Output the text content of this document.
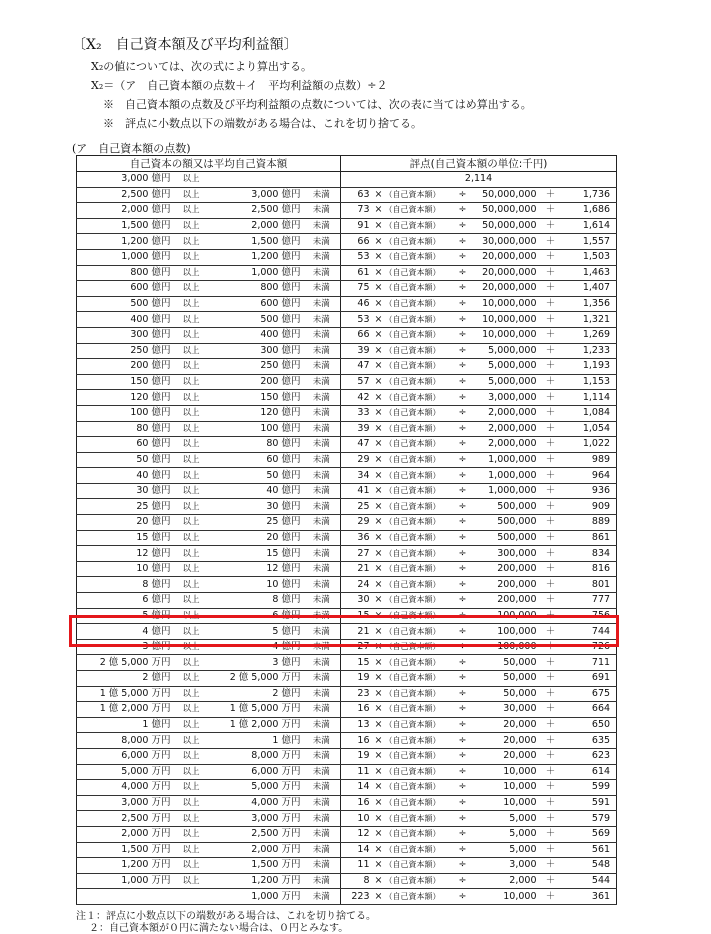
〔X₂　自己資本額及び平均利益額〕
X₂の値については、次の式により算出する。
X₂＝（ア　自己資本額の点数＋イ　平均利益額の点数）÷２
※　自己資本額の点数及び平均利益額の点数については、次の表に当てはめ算出する。
※　評点に小数点以下の端数がある場合は、これを切り捨てる。
(ア　自己資本額の点数)
自己資本の額又は平均自己資本額				評点(自己資本額の単位:千円)						
3,000 億円	以上			2,114						
2,500 億円	以上	3,000 億円	未満	63	×	（自己資本額）	÷	50,000,000	＋	1,736
2,000 億円	以上	2,500 億円	未満	73	×	（自己資本額）	÷	50,000,000	＋	1,686
1,500 億円	以上	2,000 億円	未満	91	×	（自己資本額）	÷	50,000,000	＋	1,614
1,200 億円	以上	1,500 億円	未満	66	×	（自己資本額）	÷	30,000,000	＋	1,557
1,000 億円	以上	1,200 億円	未満	53	×	（自己資本額）	÷	20,000,000	＋	1,503
800 億円	以上	1,000 億円	未満	61	×	（自己資本額）	÷	20,000,000	＋	1,463
600 億円	以上	800 億円	未満	75	×	（自己資本額）	÷	20,000,000	＋	1,407
500 億円	以上	600 億円	未満	46	×	（自己資本額）	÷	10,000,000	＋	1,356
400 億円	以上	500 億円	未満	53	×	（自己資本額）	÷	10,000,000	＋	1,321
300 億円	以上	400 億円	未満	66	×	（自己資本額）	÷	10,000,000	＋	1,269
250 億円	以上	300 億円	未満	39	×	（自己資本額）	÷	5,000,000	＋	1,233
200 億円	以上	250 億円	未満	47	×	（自己資本額）	÷	5,000,000	＋	1,193
150 億円	以上	200 億円	未満	57	×	（自己資本額）	÷	5,000,000	＋	1,153
120 億円	以上	150 億円	未満	42	×	（自己資本額）	÷	3,000,000	＋	1,114
100 億円	以上	120 億円	未満	33	×	（自己資本額）	÷	2,000,000	＋	1,084
80 億円	以上	100 億円	未満	39	×	（自己資本額）	÷	2,000,000	＋	1,054
60 億円	以上	80 億円	未満	47	×	（自己資本額）	÷	2,000,000	＋	1,022
50 億円	以上	60 億円	未満	29	×	（自己資本額）	÷	1,000,000	＋	989
40 億円	以上	50 億円	未満	34	×	（自己資本額）	÷	1,000,000	＋	964
30 億円	以上	40 億円	未満	41	×	（自己資本額）	÷	1,000,000	＋	936
25 億円	以上	30 億円	未満	25	×	（自己資本額）	÷	500,000	＋	909
20 億円	以上	25 億円	未満	29	×	（自己資本額）	÷	500,000	＋	889
15 億円	以上	20 億円	未満	36	×	（自己資本額）	÷	500,000	＋	861
12 億円	以上	15 億円	未満	27	×	（自己資本額）	÷	300,000	＋	834
10 億円	以上	12 億円	未満	21	×	（自己資本額）	÷	200,000	＋	816
8 億円	以上	10 億円	未満	24	×	（自己資本額）	÷	200,000	＋	801
6 億円	以上	8 億円	未満	30	×	（自己資本額）	÷	200,000	＋	777
5 億円	以上	6 億円	未満	15	×	（自己資本額）	÷	100,000	＋	756
4 億円	以上	5 億円	未満	21	×	（自己資本額）	÷	100,000	＋	744
3 億円	以上	4 億円	未満	27	×	（自己資本額）	÷	100,000	＋	726
2 億 5,000 万円	以上	3 億円	未満	15	×	（自己資本額）	÷	50,000	＋	711
2 億円	以上	2 億 5,000 万円	未満	19	×	（自己資本額）	÷	50,000	＋	691
1 億 5,000 万円	以上	2 億円	未満	23	×	（自己資本額）	÷	50,000	＋	675
1 億 2,000 万円	以上	1 億 5,000 万円	未満	16	×	（自己資本額）	÷	30,000	＋	664
1 億円	以上	1 億 2,000 万円	未満	13	×	（自己資本額）	÷	20,000	＋	650
8,000 万円	以上	1 億円	未満	16	×	（自己資本額）	÷	20,000	＋	635
6,000 万円	以上	8,000 万円	未満	19	×	（自己資本額）	÷	20,000	＋	623
5,000 万円	以上	6,000 万円	未満	11	×	（自己資本額）	÷	10,000	＋	614
4,000 万円	以上	5,000 万円	未満	14	×	（自己資本額）	÷	10,000	＋	599
3,000 万円	以上	4,000 万円	未満	16	×	（自己資本額）	÷	10,000	＋	591
2,500 万円	以上	3,000 万円	未満	10	×	（自己資本額）	÷	5,000	＋	579
2,000 万円	以上	2,500 万円	未満	12	×	（自己資本額）	÷	5,000	＋	569
1,500 万円	以上	2,000 万円	未満	14	×	（自己資本額）	÷	5,000	＋	561
1,200 万円	以上	1,500 万円	未満	11	×	（自己資本額）	÷	3,000	＋	548
1,000 万円	以上	1,200 万円	未満	8	×	（自己資本額）	÷	2,000	＋	544
		1,000 万円	未満	223	×	（自己資本額）	÷	10,000	＋	361
注１：評点に小数点以下の端数がある場合は、これを切り捨てる。
２：自己資本額が０円に満たない場合は、０円とみなす。
